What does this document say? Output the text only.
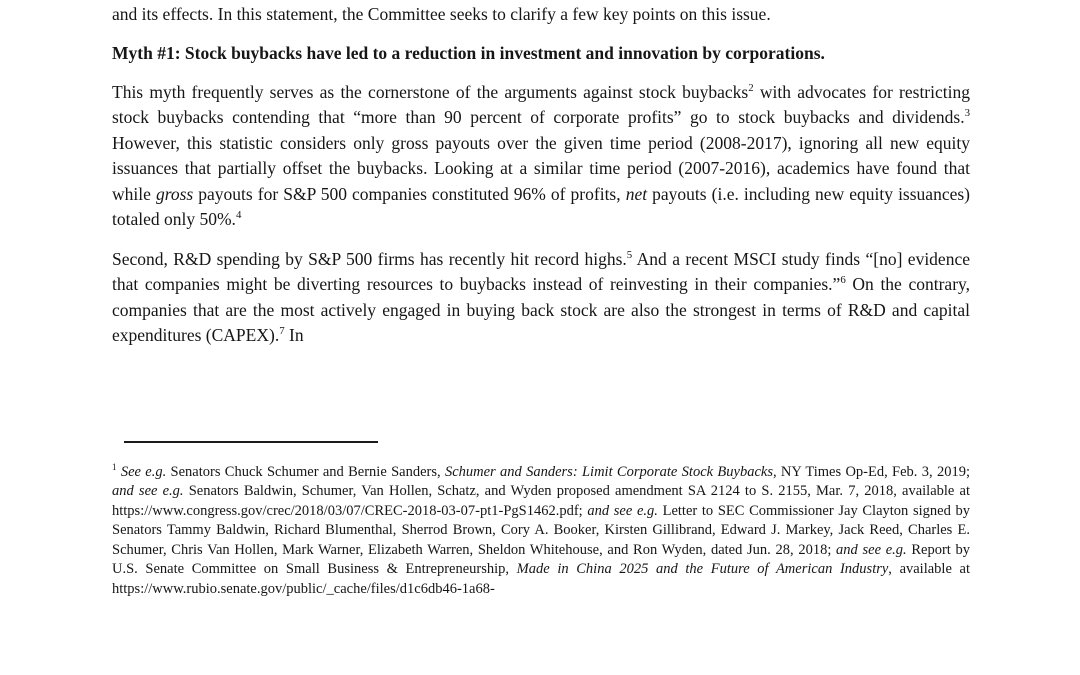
and its effects. In this statement, the Committee seeks to clarify a few key points on this issue.

Myth #1: Stock buybacks have led to a reduction in investment and innovation by corporations.

This myth frequently serves as the cornerstone of the arguments against stock buybacks$^2$ with advocates for restricting stock buybacks contending that “more than 90 percent of corporate profits” go to stock buybacks and dividends.$^3$ However, this statistic considers only gross payouts over the given time period (2008-2017), ignoring all new equity issuances that partially offset the buybacks. Looking at a similar time period (2007-2016), academics have found that while gross payouts for S&P 500 companies constituted 96% of profits, net payouts (i.e. including new equity issuances) totaled only 50%.$^4$

Second, R&D spending by S&P 500 firms has recently hit record highs.$^5$ And a recent MSCI study finds “[no] evidence that companies might be diverting resources to buybacks instead of reinvesting in their companies.”$^6$ On the contrary, companies that are the most actively engaged in buying back stock are also the strongest in terms of R&D and capital expenditures (CAPEX).$^7$ In

$^1$ See e.g. Senators Chuck Schumer and Bernie Sanders, Schumer and Sanders: Limit Corporate Stock Buybacks, NY Times Op-Ed, Feb. 3, 2019; and see e.g. Senators Baldwin, Schumer, Van Hollen, Schatz, and Wyden proposed amendment SA 2124 to S. 2155, Mar. 7, 2018, available at https://www.congress.gov/crec/2018/03/07/CREC-2018-03-07-pt1-PgS1462.pdf; and see e.g. Letter to SEC Commissioner Jay Clayton signed by Senators Tammy Baldwin, Richard Blumenthal, Sherrod Brown, Cory A. Booker, Kirsten Gillibrand, Edward J. Markey, Jack Reed, Charles E. Schumer, Chris Van Hollen, Mark Warner, Elizabeth Warren, Sheldon Whitehouse, and Ron Wyden, dated Jun. 28, 2018; and see e.g. Report by U.S. Senate Committee on Small Business & Entrepreneurship, Made in China 2025 and the Future of American Industry, available at https://www.rubio.senate.gov/public/_cache/files/d1c6db46-1a68-
